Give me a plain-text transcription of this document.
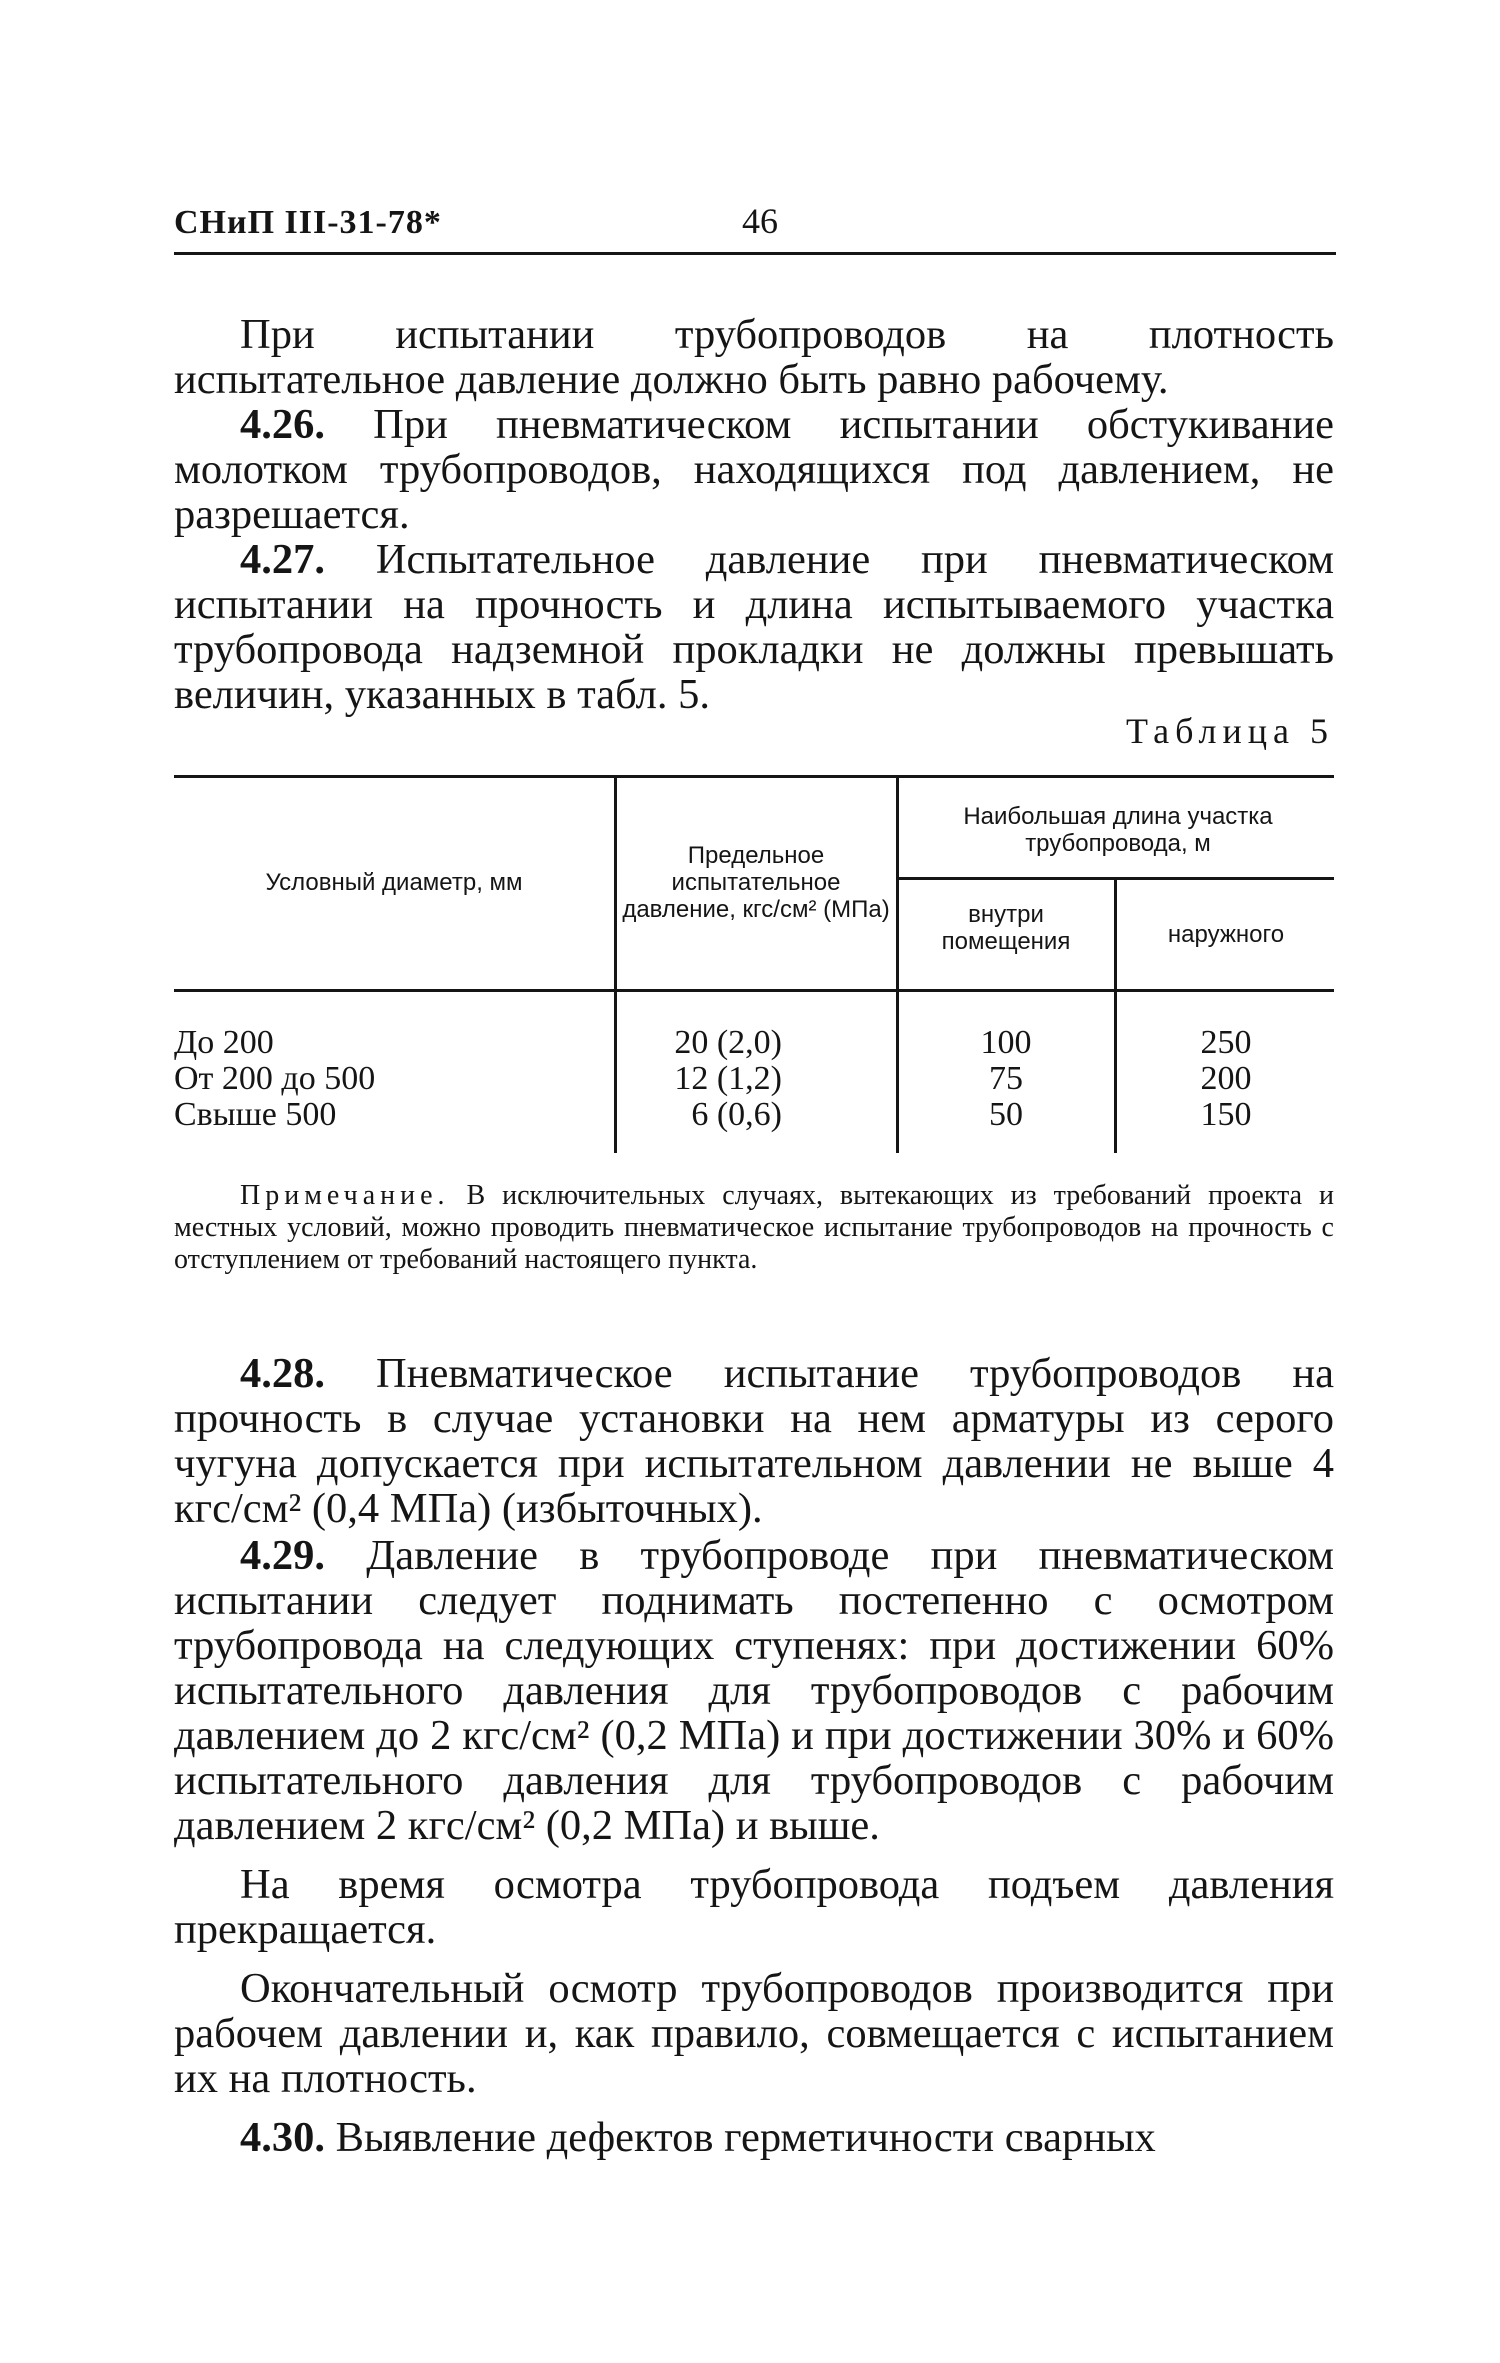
СНиП III-31-78*	46

При испытании трубопроводов на плотность испытательное давление должно быть равно рабочему.

4.26. При пневматическом испытании обстукивание молотком трубопроводов, находящихся под давлением, не разрешается.

4.27. Испытательное давление при пневматическом испытании на прочность и длина испытываемого участка трубопровода надземной прокладки не должны превышать величин, указанных в табл. 5.

Таблица 5
Условный диаметр, мм
Предельное испытательное давление, кгс/см² (МПа)
Наибольшая длина участка трубопровода, м
внутри помещения	наружного
До 200
От 200 до 500
Свыше 500
20 (2,0)
12 (1,2)
6 (0,6)
100
75
50
250
200
150

Примечание. В исключительных случаях, вытекающих из требований проекта и местных условий, можно проводить пневматическое испытание трубопроводов на прочность с отступлением от требований настоящего пункта.

4.28. Пневматическое испытание трубопроводов на прочность в случае установки на нем арматуры из серого чугуна допускается при испытательном давлении не выше 4 кгс/см² (0,4 МПа) (избыточных).

4.29. Давление в трубопроводе при пневматическом испытании следует поднимать постепенно с осмотром трубопровода на следующих ступенях: при достижении 60% испытательного давления для трубопроводов с рабочим давлением до 2 кгс/см² (0,2 МПа) и при достижении 30% и 60% испытательного давления для трубопроводов с рабочим давлением 2 кгс/см² (0,2 МПа) и выше.

На время осмотра трубопровода подъем давления прекращается.

Окончательный осмотр трубопроводов производится при рабочем давлении и, как правило, совмещается с испытанием их на плотность.

4.30. Выявление дефектов герметичности сварных
